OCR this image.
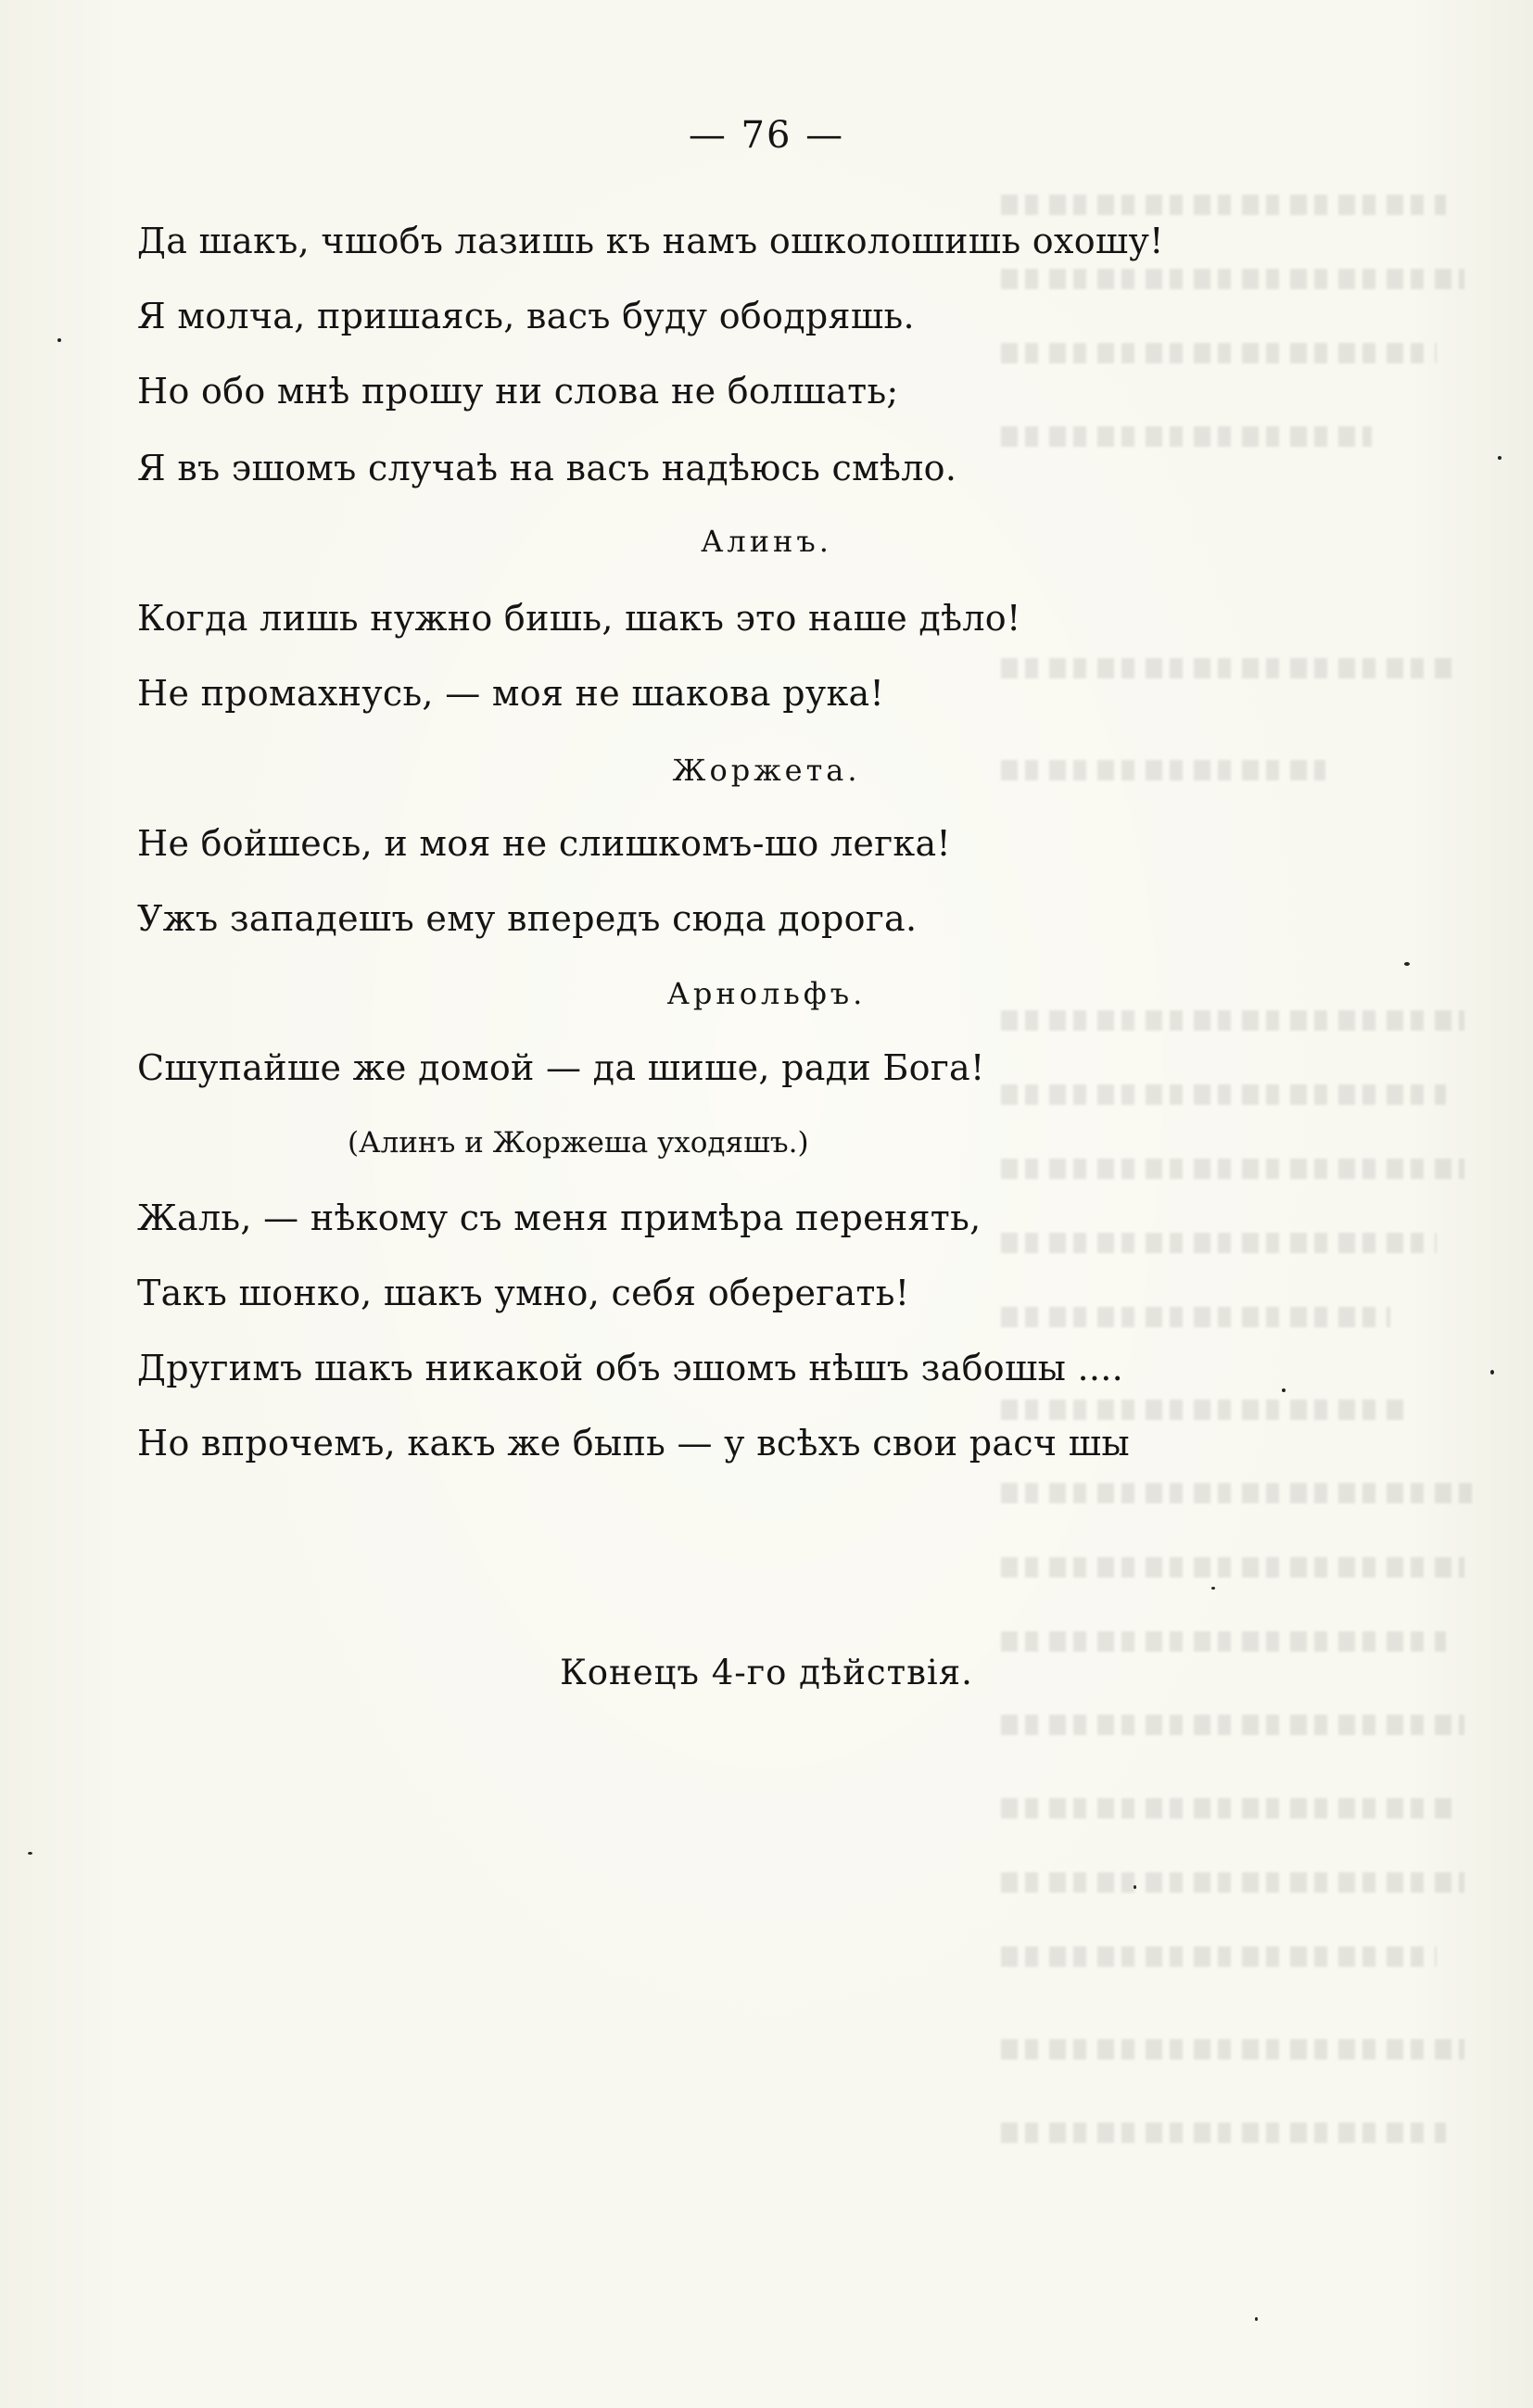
— 76 —
Да шакъ, чшобъ лазишь къ намъ ошколошишь охошу!
Я молча, пришаясь, васъ буду ободряшь.
Но обо мнѣ прошу ни слова не болшать;
Я въ эшомъ случаѣ на васъ надѣюсь смѣло.
Алинъ.
Когда лишь нужно бишь, шакъ это наше дѣло!
Не промахнусь, — моя не шакова рука!
Жоржета.
Не бойшесь, и моя не слишкомъ-шо легка!
Ужъ западешъ ему впередъ сюда дорога.
Арнольфъ.
Сшупайше же домой — да шише, ради Бога!
(Алинъ и Жоржеша уходяшъ.)
Жаль, — нѣкому съ меня примѣра перенять,
Такъ шонко, шакъ умно, себя оберегать!
Другимъ шакъ никакой объ эшомъ нѣшъ забошы ....
Но впрочемъ, какъ же быпь — у всѣхъ свои расч шы
Конецъ 4-го дѣйствія.
